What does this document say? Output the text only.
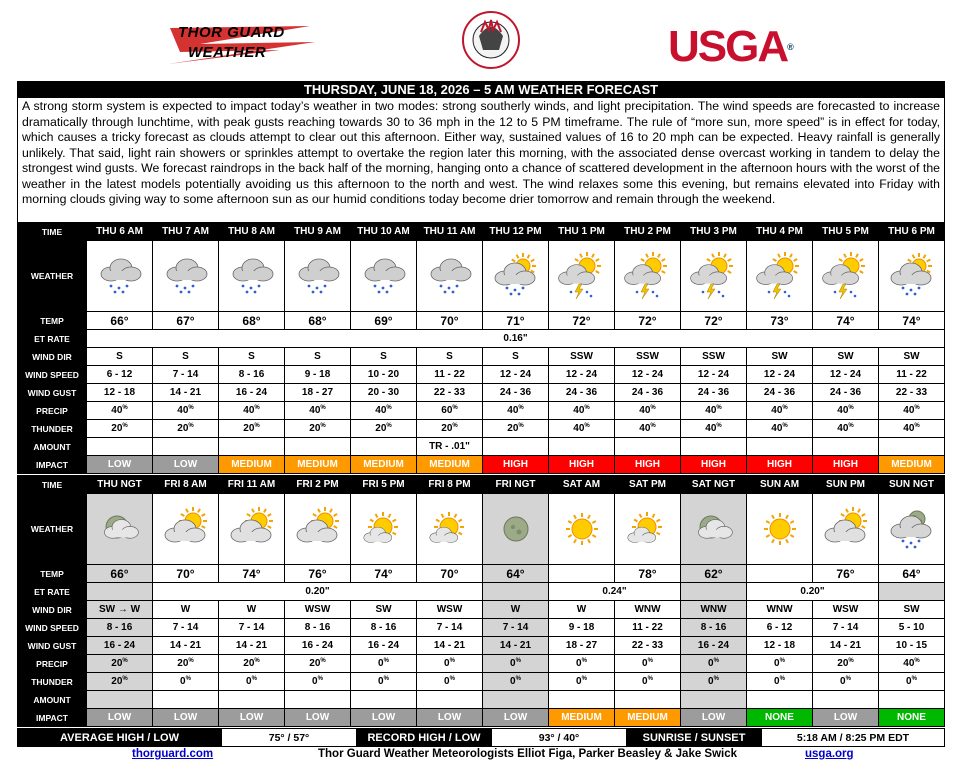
THOR GUARD
WEATHER	USGA®
THURSDAY, JUNE 18, 2026 – 5 AM WEATHER FORECAST
A strong storm system is expected to impact today’s weather in two modes: strong southerly winds, and light precipitation. The wind speeds are forecasted to increase dramatically through lunchtime, with peak gusts reaching towards 30 to 36 mph in the 12 to 5 PM timeframe. The rule of “more sun, more speed” is in effect for today, which causes a tricky forecast as clouds attempt to clear out this afternoon. Either way, sustained values of 16 to 20 mph can be expected. Heavy rainfall is generally unlikely. That said, light rain showers or sprinkles attempt to overtake the region later this morning, with the associated dense overcast working in tandem to delay the strongest wind gusts. We forecast raindrops in the back half of the morning, hanging onto a chance of scattered development in the afternoon hours with the worst of the weather in the latest models potentially avoiding us this afternoon to the north and west. The wind relaxes some this evening, but remains elevated into Friday with morning clouds giving way to some afternoon sun as our humid conditions today become drier tomorrow and remain through the weekend.
TIME	THU 6 AM	THU 7 AM	THU 8 AM	THU 9 AM	THU 10 AM	THU 11 AM	THU 12 PM	THU 1 PM	THU 2 PM	THU 3 PM	THU 4 PM	THU 5 PM	THU 6 PM
WEATHER													
TEMP	66°	67°	68°	68°	69°	70°	71°	72°	72°	72°	73°	74°	74°
ET RATE	0.16"												
WIND DIR	S	S	S	S	S	S	S	SSW	SSW	SSW	SW	SW	SW
WIND SPEED	6 - 12	7 - 14	8 - 16	9 - 18	10 - 20	11 - 22	12 - 24	12 - 24	12 - 24	12 - 24	12 - 24	12 - 24	11 - 22
WIND GUST	12 - 18	14 - 21	16 - 24	18 - 27	20 - 30	22 - 33	24 - 36	24 - 36	24 - 36	24 - 36	24 - 36	24 - 36	22 - 33
PRECIP	40%	40%	40%	40%	40%	60%	40%	40%	40%	40%	40%	40%	40%
THUNDER	20%	20%	20%	20%	20%	20%	20%	40%	40%	40%	40%	40%	40%
AMOUNT						TR - .01"							
IMPACT	LOW	LOW	MEDIUM	MEDIUM	MEDIUM	MEDIUM	HIGH	HIGH	HIGH	HIGH	HIGH	HIGH	MEDIUM
TIME	THU NGT	FRI 8 AM	FRI 11 AM	FRI 2 PM	FRI 5 PM	FRI 8 PM	FRI NGT	SAT AM	SAT PM	SAT NGT	SUN AM	SUN PM	SUN NGT
WEATHER													
TEMP	66°	70°	74°	76°	74°	70°	64°		78°	62°		76°	64°
ET RATE		0.20"						0.24"			0.20"		
WIND DIR	SW → W	W	W	WSW	SW	WSW	W	W	WNW	WNW	WNW	WSW	SW
WIND SPEED	8 - 16	7 - 14	7 - 14	8 - 16	8 - 16	7 - 14	7 - 14	9 - 18	11 - 22	8 - 16	6 - 12	7 - 14	5 - 10
WIND GUST	16 - 24	14 - 21	14 - 21	16 - 24	16 - 24	14 - 21	14 - 21	18 - 27	22 - 33	16 - 24	12 - 18	14 - 21	10 - 15
PRECIP	20%	20%	20%	20%	0%	0%	0%	0%	0%	0%	0%	20%	40%
THUNDER	20%	0%	0%	0%	0%	0%	0%	0%	0%	0%	0%	0%	0%
AMOUNT													
IMPACT	LOW	LOW	LOW	LOW	LOW	LOW	LOW	MEDIUM	MEDIUM	LOW	NONE	LOW	NONE
AVERAGE HIGH / LOW	75° / 57°	RECORD HIGH / LOW	93° / 40°	SUNRISE / SUNSET	5:18 AM / 8:25 PM EDT
thorguard.com	Thor Guard Weather Meteorologists Elliot Figa, Parker Beasley & Jake Swick	usga.org
